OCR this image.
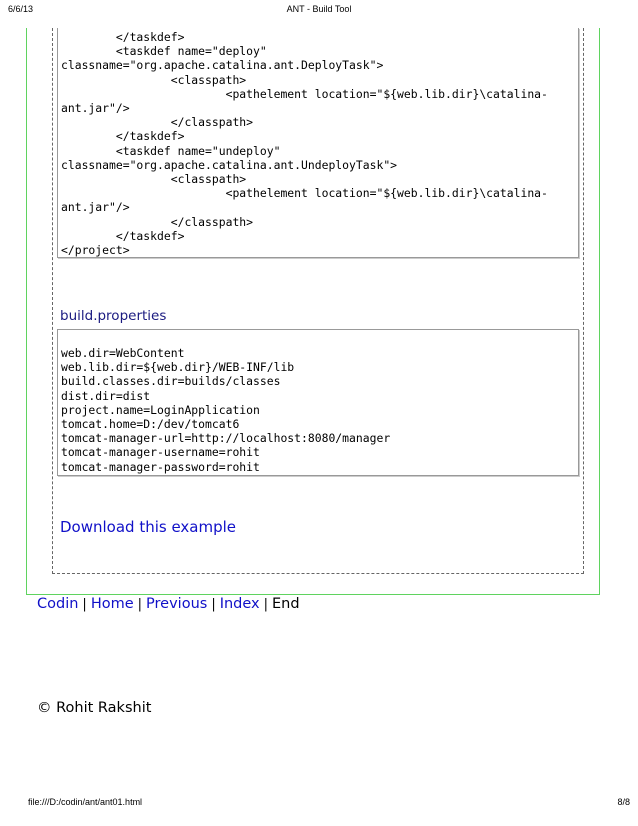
6/6/13	ANT - Build Tool
</taskdef>
<taskdef name="deploy"
classname="org.apache.catalina.ant.DeployTask">
<classpath>
<pathelement location="${web.lib.dir}\catalina-
ant.jar"/>
</classpath>
</taskdef>
<taskdef name="undeploy"
classname="org.apache.catalina.ant.UndeployTask">
<classpath>
<pathelement location="${web.lib.dir}\catalina-
ant.jar"/>
</classpath>
</taskdef>
</project>
build.properties
web.dir=WebContent
web.lib.dir=${web.dir}/WEB-INF/lib
build.classes.dir=builds/classes
dist.dir=dist
project.name=LoginApplication
tomcat.home=D:/dev/tomcat6
tomcat-manager-url=http://localhost:8080/manager
tomcat-manager-username=rohit
tomcat-manager-password=rohit
Download this example
Codin | Home | Previous | Index | End
© Rohit Rakshit
file:///D:/codin/ant/ant01.html	8/8
